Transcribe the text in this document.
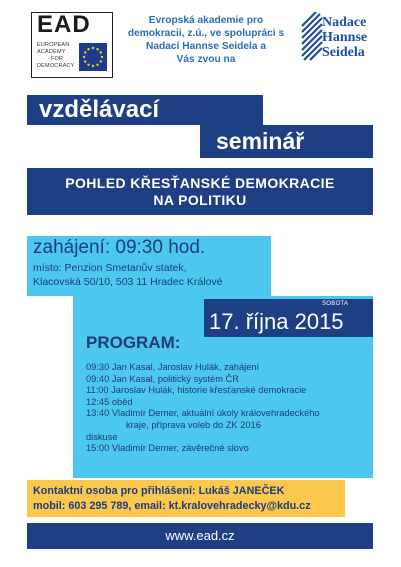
EAD
EUROPEAN
ACADEMY
FOR
DEMOCRACY
Evropská akademie pro
demokracii, z.ú., ve spolupráci s
Nadací Hannse Seidela a
Vás zvou na
Nadace
Hannse
Seidela
vzdělávací
seminář
POHLED KŘESŤANSKÉ DEMOKRACIE
NA POLITIKU
zahájení: 09:30 hod.
místo: Penzion Smetanův statek,
Klacovská 50/10, 503 11 Hradec Králové
SOBOTA
17. října 2015
PROGRAM:
09:30 Jan Kasal, Jaroslav Hulák, zahájení
09:40 Jan Kasal, politický systém ČR
11:00 Jaroslav Hulák, historie křesťanské demokracie
12:45 oběd
13:40 Vladimír Derner, aktuální úkoly královehradeckého
kraje, příprava voleb do ZK 2016
diskuse
15:00 Vladimír Derner, závěrečné slovo
Kontaktní osoba pro přihlášení: Lukáš JANEČEK
mobil: 603 295 789, email: kt.kralovehradecky@kdu.cz
www.ead.cz
